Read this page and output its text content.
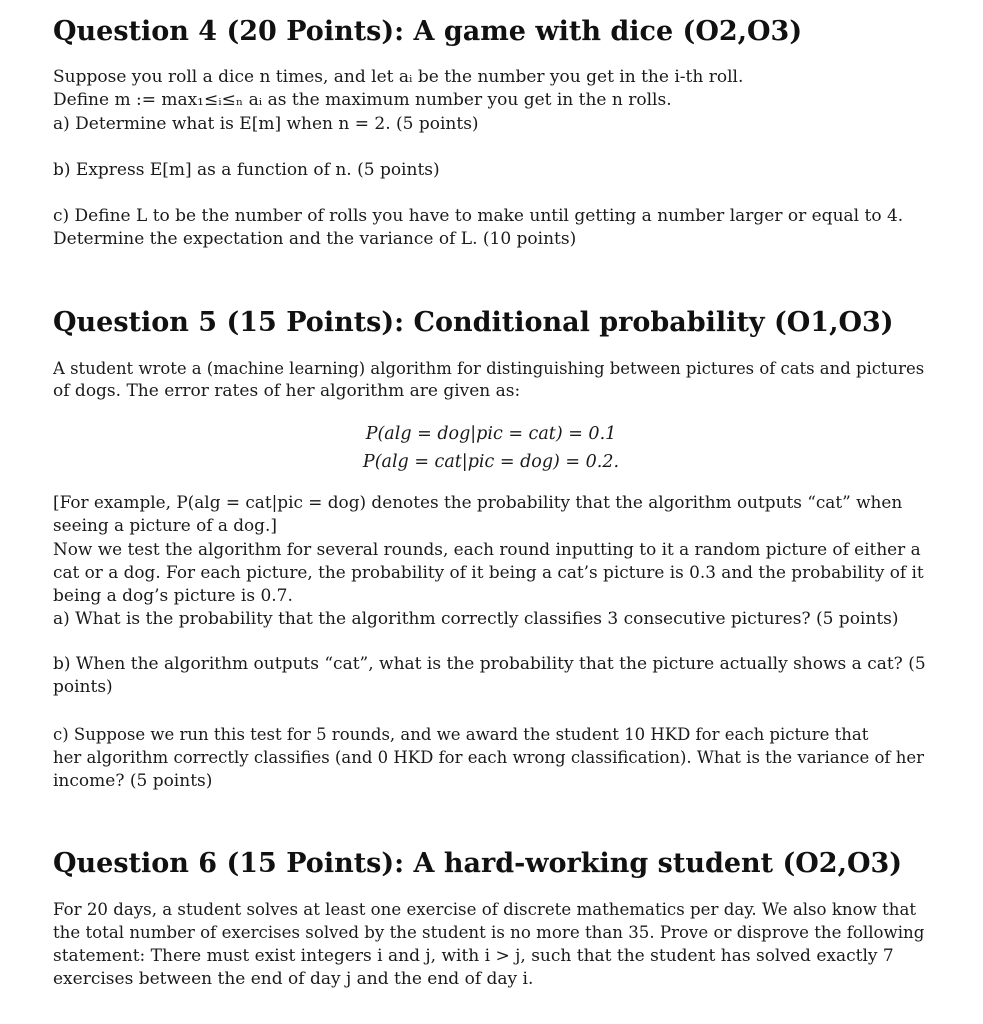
Question 4 (20 Points): A game with dice (O2,O3)

Suppose you roll a dice n times, and let aᵢ be the number you get in the i-th roll.
Define m := max₁≤ᵢ≤ₙ aᵢ as the maximum number you get in the n rolls.
a) Determine what is E[m] when n = 2. (5 points)

b) Express E[m] as a function of n. (5 points)

c) Define L to be the number of rolls you have to make until getting a number larger or equal to 4.
Determine the expectation and the variance of L. (10 points)

Question 5 (15 Points): Conditional probability (O1,O3)

A student wrote a (machine learning) algorithm for distinguishing between pictures of cats and pictures
of dogs. The error rates of her algorithm are given as:

P(alg = dog|pic = cat) = 0.1
P(alg = cat|pic = dog) = 0.2.

[For example, P(alg = cat|pic = dog) denotes the probability that the algorithm outputs “cat” when
seeing a picture of a dog.]
Now we test the algorithm for several rounds, each round inputting to it a random picture of either a
cat or a dog. For each picture, the probability of it being a cat’s picture is 0.3 and the probability of it
being a dog’s picture is 0.7.
a) What is the probability that the algorithm correctly classifies 3 consecutive pictures? (5 points)

b) When the algorithm outputs “cat”, what is the probability that the picture actually shows a cat? (5
points)

c) Suppose we run this test for 5 rounds, and we award the student 10 HKD for each picture that
her algorithm correctly classifies (and 0 HKD for each wrong classification). What is the variance of her
income? (5 points)

Question 6 (15 Points): A hard-working student (O2,O3)

For 20 days, a student solves at least one exercise of discrete mathematics per day. We also know that
the total number of exercises solved by the student is no more than 35. Prove or disprove the following
statement: There must exist integers i and j, with i > j, such that the student has solved exactly 7
exercises between the end of day j and the end of day i.
